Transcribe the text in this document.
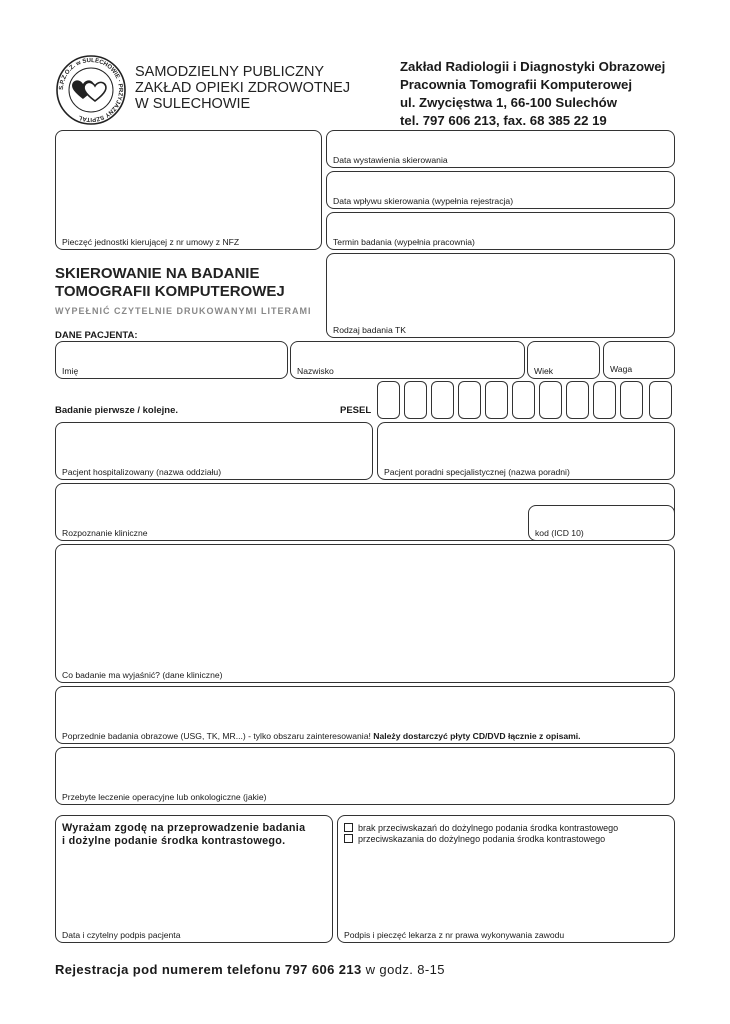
S.P.Z.O.Z. w SULECHOWIE · PRZYJAZNY SZPITAL
SAMODZIELNY PUBLICZNY
ZAKŁAD OPIEKI ZDROWOTNEJ
W SULECHOWIE
Zakład Radiologii i Diagnostyki Obrazowej
Pracownia Tomografii Komputerowej
ul. Zwycięstwa 1, 66-100 Sulechów
tel. 797 606 213, fax. 68 385 22 19
Pieczęć jednostki kierującej z nr umowy z NFZ
Data wystawienia skierowania
Data wpływu skierowania (wypełnia rejestracja)
Termin badania (wypełnia pracownia)
SKIEROWANIE NA BADANIE
TOMOGRAFII KOMPUTEROWEJ
WYPEŁNIĆ CZYTELNIE DRUKOWANYMI LITERAMI
DANE PACJENTA:	Rodzaj badania TK
Imię	Nazwisko	Wiek	Waga
Badanie pierwsze / kolejne.	PESEL
Pacjent hospitalizowany (nazwa oddziału)	Pacjent poradni specjalistycznej (nazwa poradni)
Rozpoznanie kliniczne	kod (ICD 10)
Co badanie ma wyjaśnić? (dane kliniczne)
Poprzednie badania obrazowe (USG, TK, MR...) - tylko obszaru zainteresowania! Należy dostarczyć płyty CD/DVD łącznie z opisami.
Przebyte leczenie operacyjne lub onkologiczne (jakie)
Wyrażam zgodę na przeprowadzenie badania
i dożylne podanie środka kontrastowego.
Data i czytelny podpis pacjenta
brak przeciwskazań do dożylnego podania środka kontrastowego
przeciwskazania do dożylnego podania środka kontrastowego
Podpis i pieczęć lekarza z nr prawa wykonywania zawodu
Rejestracja pod numerem telefonu 797 606 213 w godz. 8-15
